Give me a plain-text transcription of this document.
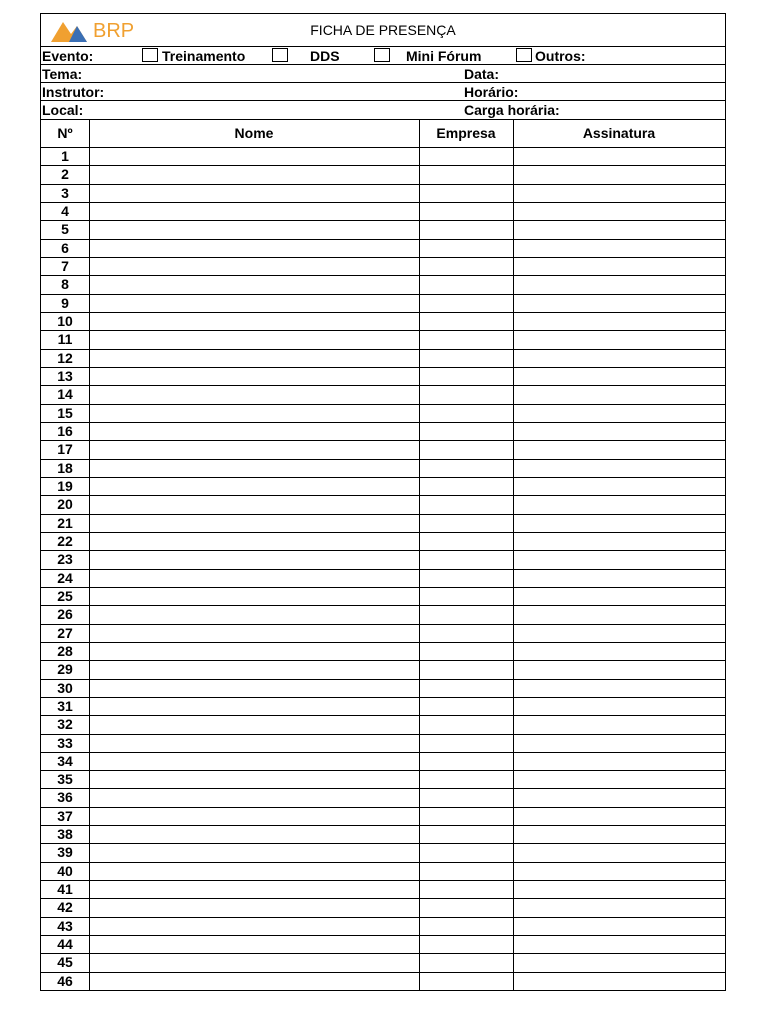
BRP	FICHA DE PRESENÇA
Evento:	Treinamento	DDS	Mini Fórum	Outros:
Tema:	Data:
Instrutor:	Horário:
Local:	Carga horária:
Nº	Nome	Empresa	Assinatura
1
2
3
4
5
6
7
8
9
10
11
12
13
14
15
16
17
18
19
20
21
22
23
24
25
26
27
28
29
30
31
32
33
34
35
36
37
38
39
40
41
42
43
44
45
46
